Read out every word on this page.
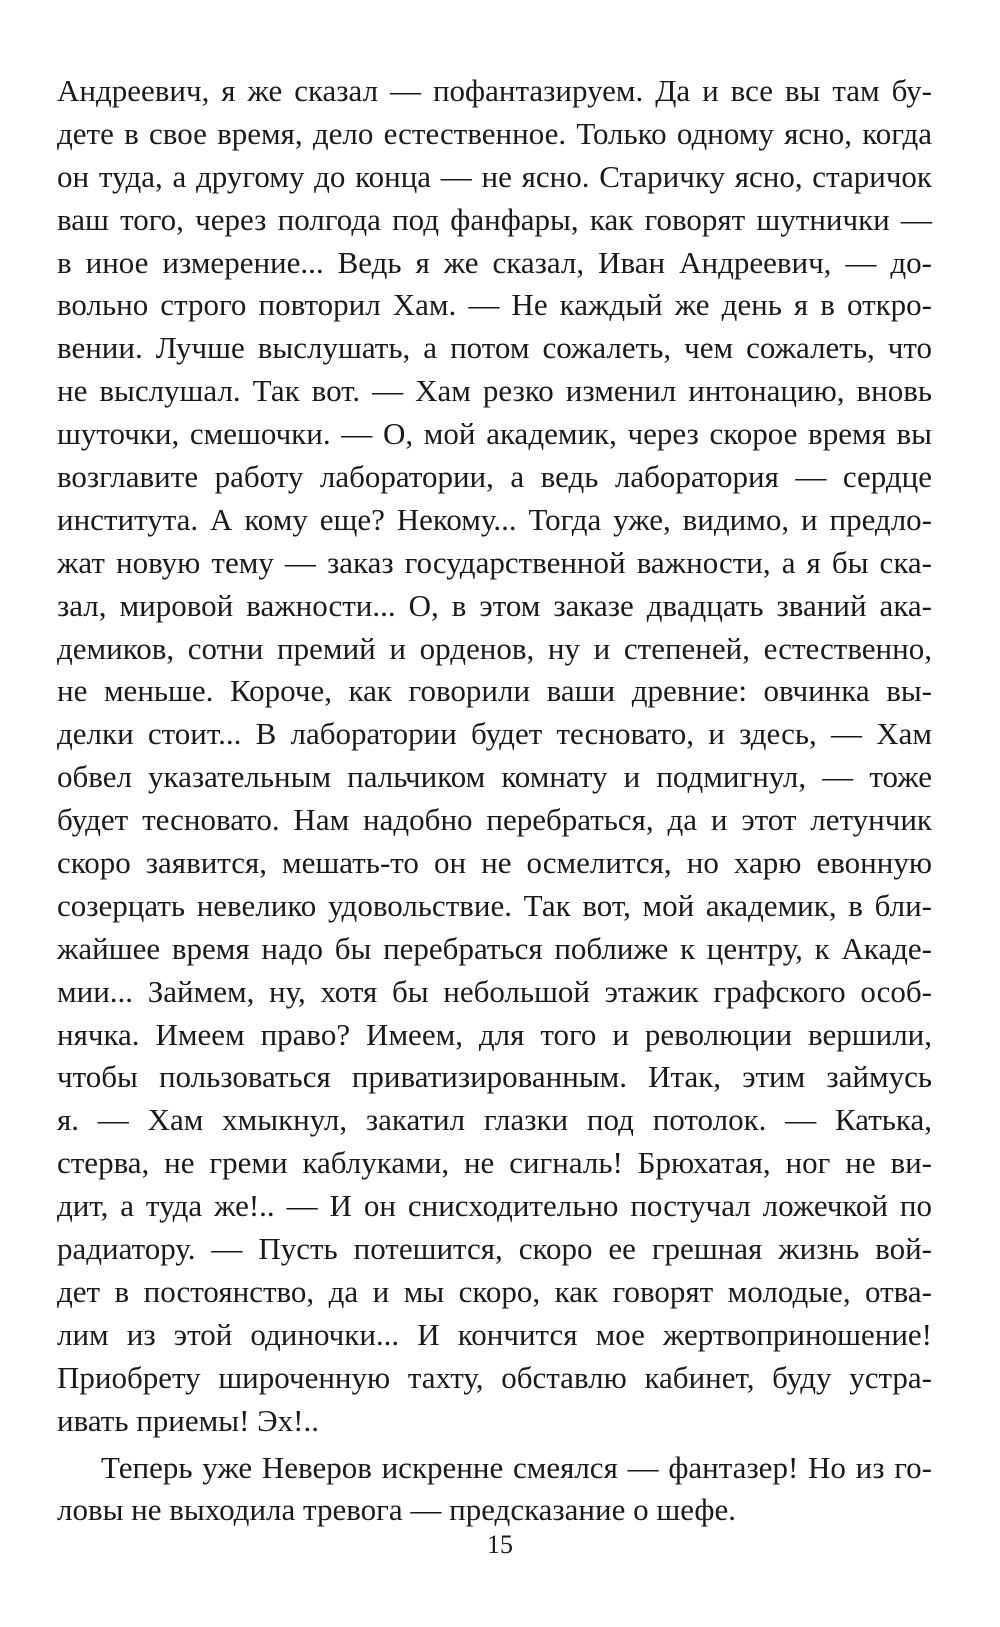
Андреевич, я же сказал — пофантазируем. Да и все вы там бу-
дете в свое время, дело естественное. Только одному ясно, когда
он туда, а другому до конца — не ясно. Старичку ясно, старичок
ваш того, через полгода под фанфары, как говорят шутнички —
в иное измерение... Ведь я же сказал, Иван Андреевич, — до-
вольно строго повторил Хам. — Не каждый же день я в откро-
вении. Лучше выслушать, а потом сожалеть, чем сожалеть, что
не выслушал. Так вот. — Хам резко изменил интонацию, вновь
шуточки, смешочки. — О, мой академик, через скорое время вы
возглавите работу лаборатории, а ведь лаборатория — сердце
института. А кому еще? Некому... Тогда уже, видимо, и предло-
жат новую тему — заказ государственной важности, а я бы ска-
зал, мировой важности... О, в этом заказе двадцать званий ака-
демиков, сотни премий и орденов, ну и степеней, естественно,
не меньше. Короче, как говорили ваши древние: овчинка вы-
делки стоит... В лаборатории будет тесновато, и здесь, — Хам
обвел указательным пальчиком комнату и подмигнул, — тоже
будет тесновато. Нам надобно перебраться, да и этот летунчик
скоро заявится, мешать-то он не осмелится, но харю евонную
созерцать невелико удовольствие. Так вот, мой академик, в бли-
жайшее время надо бы перебраться поближе к центру, к Акаде-
мии... Займем, ну, хотя бы небольшой этажик графского особ-
нячка. Имеем право? Имеем, для того и революции вершили,
чтобы пользоваться приватизированным. Итак, этим займусь
я. — Хам хмыкнул, закатил глазки под потолок. — Катька,
стерва, не греми каблуками, не сигналь! Брюхатая, ног не ви-
дит, а туда же!.. — И он снисходительно постучал ложечкой по
радиатору. — Пусть потешится, скоро ее грешная жизнь вой-
дет в постоянство, да и мы скоро, как говорят молодые, отва-
лим из этой одиночки... И кончится мое жертвоприношение!
Приобрету широченную тахту, обставлю кабинет, буду устра-
ивать приемы! Эх!..
Теперь уже Неверов искренне смеялся — фантазер! Но из го-
ловы не выходила тревога — предсказание о шефе.
15
